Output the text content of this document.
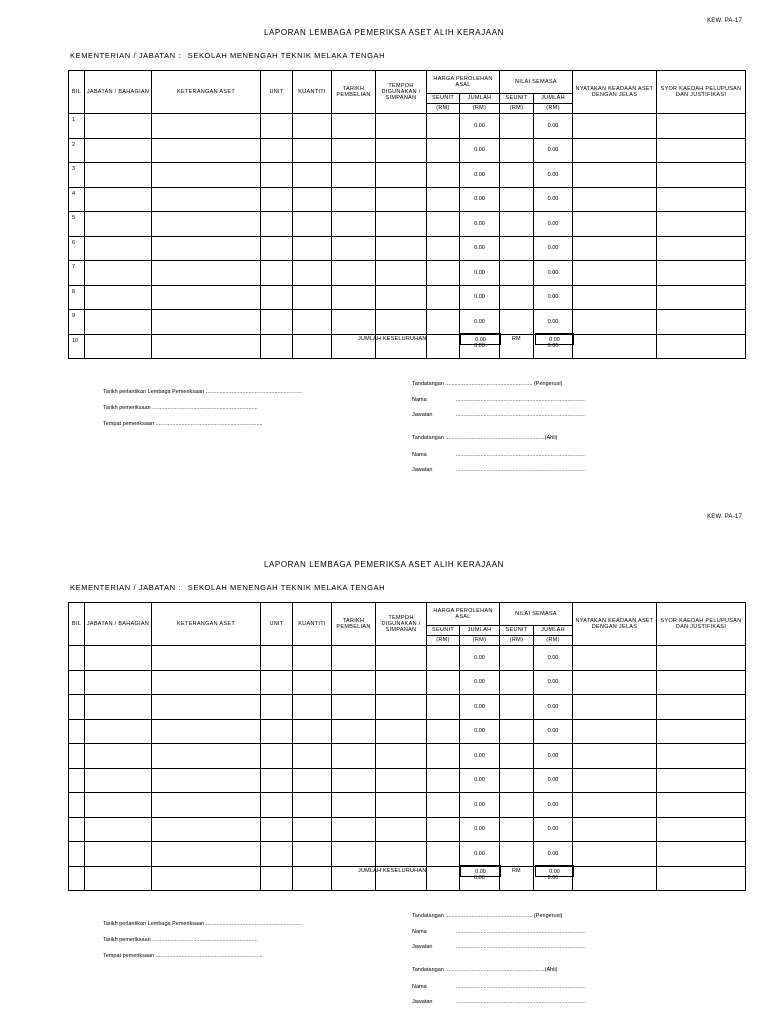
KEW. PA-17
LAPORAN LEMBAGA PEMERIKSA ASET ALIH KERAJAAN
KEMENTERIAN / JABATAN : SEKOLAH MENENGAH TEKNIK MELAKA TENGAH
BIL	JABATAN / BAHAGIAN	KETERANGAN ASET	UNIT	KUANTITI	TARIKH PEMBELIAN	TEMPOH DIGUNAKAN / SIMPANAN	HARGA PEROLEHAN ASAL		NILAI SEMASA		NYATAKAN KEADAAN ASET DENGAN JELAS	SYOR KAEDAH PELUPUSAN DAN JUSTIFIKASI
							SEUNIT	JUMLAH	SEUNIT	JUMLAH		
							(RM)	(RM)	(RM)	(RM)		
1								0.00		0.00		
2								0.00		0.00		
3								0.00		0.00		
4								0.00		0.00		
5								0.00		0.00		
6								0.00		0.00		
7								0.00		0.00		
8								0.00		0.00		
9								0.00		0.00		
10								0.00		0.00		
JUMLAH KESELURUHAN	0.00	RM	0.00
Tarikh perlantikan Lembaga Pemeriksaan ...............................................................
Tarikh pemeriksaan .....................................................................
Tempat pemeriksaan ......................................................................
Tandatangan ......................................................... (Pengerusi)
Nama	.....................................................................................
Jawatan	.....................................................................................
Tandatangan .................................................................(Ahli)
Nama	.....................................................................................
Jawatan	.....................................................................................
KEW. PA-17
LAPORAN LEMBAGA PEMERIKSA ASET ALIH KERAJAAN
KEMENTERIAN / JABATAN : SEKOLAH MENENGAH TEKNIK MELAKA TENGAH
BIL	JABATAN / BAHAGIAN	KETERANGAN ASET	UNIT	KUANTITI	TARIKH PEMBELIAN	TEMPOH DIGUNAKAN / SIMPANAN	HARGA PEROLEHAN ASAL		NILAI SEMASA		NYATAKAN KEADAAN ASET DENGAN JELAS	SYOR KAEDAH PELUPUSAN DAN JUSTIFIKASI
							SEUNIT	JUMLAH	SEUNIT	JUMLAH		
							(RM)	(RM)	(RM)	(RM)		
								0.00		0.00		
								0.00		0.00		
								0.00		0.00		
								0.00		0.00		
								0.00		0.00		
								0.00		0.00		
								0.00		0.00		
								0.00		0.00		
								0.00		0.00		
								0.00		0.00		
JUMLAH KESELURUHAN	0.00	RM	0.00
Tarikh perlantikan Lembaga Pemeriksaan ...............................................................
Tarikh pemeriksaan .....................................................................
Tempat pemeriksaan ......................................................................
Tandatangan ......................................................... (Pengerusi)
Nama	.....................................................................................
Jawatan	.....................................................................................
Tandatangan .................................................................(Ahli)
Nama	.....................................................................................
Jawatan	.....................................................................................
